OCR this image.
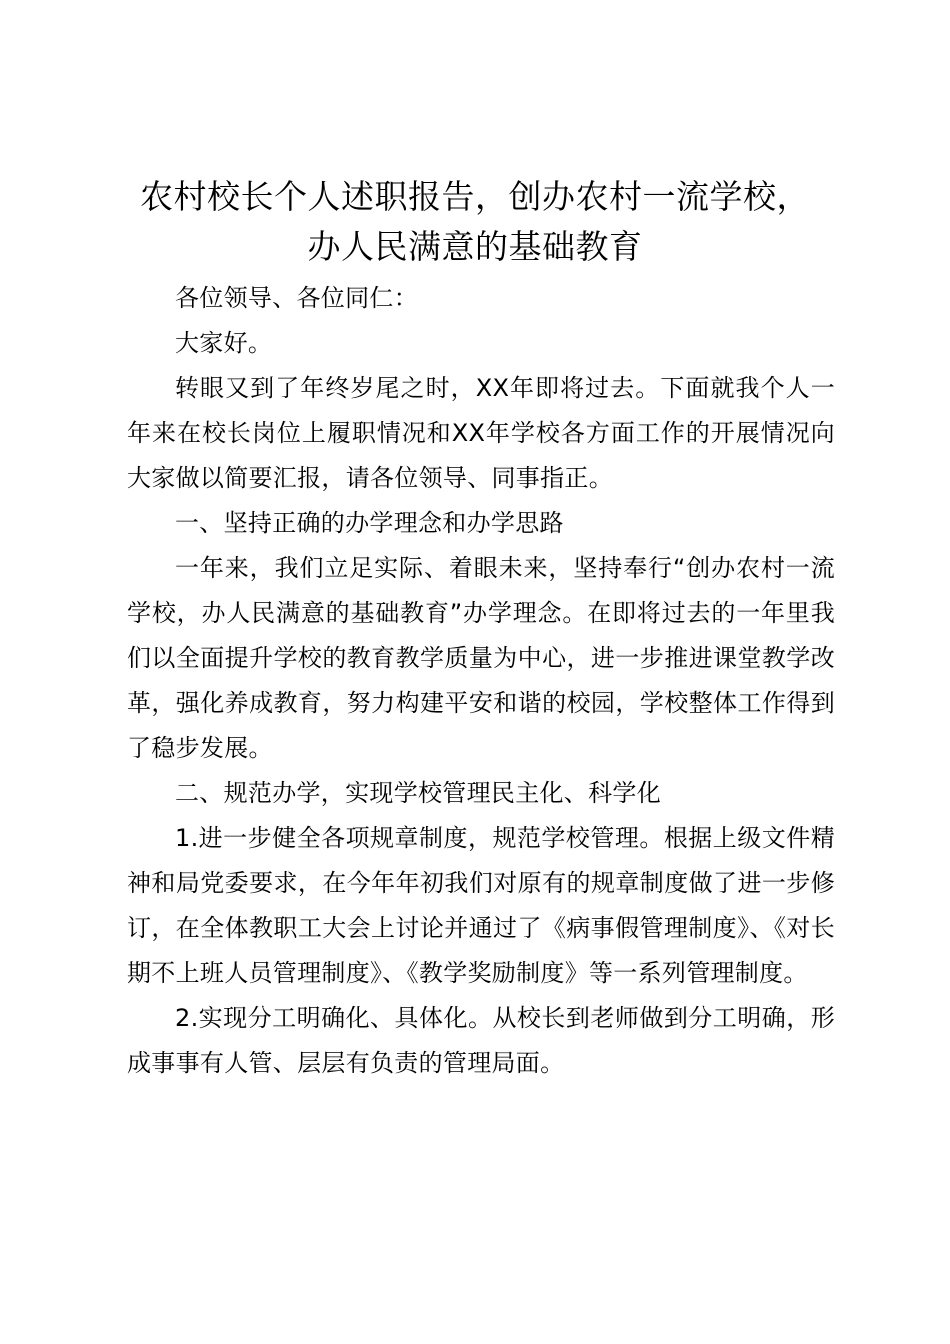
农村校长个人述职报告，创办农村一流学校，
办人民满意的基础教育

各位领导、各位同仁：

大家好。

转眼又到了年终岁尾之时，XX年即将过去。下面就我个人一年来在校长岗位上履职情况和XX年学校各方面工作的开展情况向大家做以简要汇报，请各位领导、同事指正。

一、坚持正确的办学理念和办学思路

一年来，我们立足实际、着眼未来，坚持奉行“创办农村一流学校，办人民满意的基础教育”办学理念。在即将过去的一年里我们以全面提升学校的教育教学质量为中心，进一步推进课堂教学改革，强化养成教育，努力构建平安和谐的校园，学校整体工作得到了稳步发展。

二、规范办学，实现学校管理民主化、科学化

1.进一步健全各项规章制度，规范学校管理。根据上级文件精神和局党委要求，在今年年初我们对原有的规章制度做了进一步修订，在全体教职工大会上讨论并通过了《病事假管理制度》、《对长期不上班人员管理制度》、《教学奖励制度》等一系列管理制度。

2.实现分工明确化、具体化。从校长到老师做到分工明确，形成事事有人管、层层有负责的管理局面。
